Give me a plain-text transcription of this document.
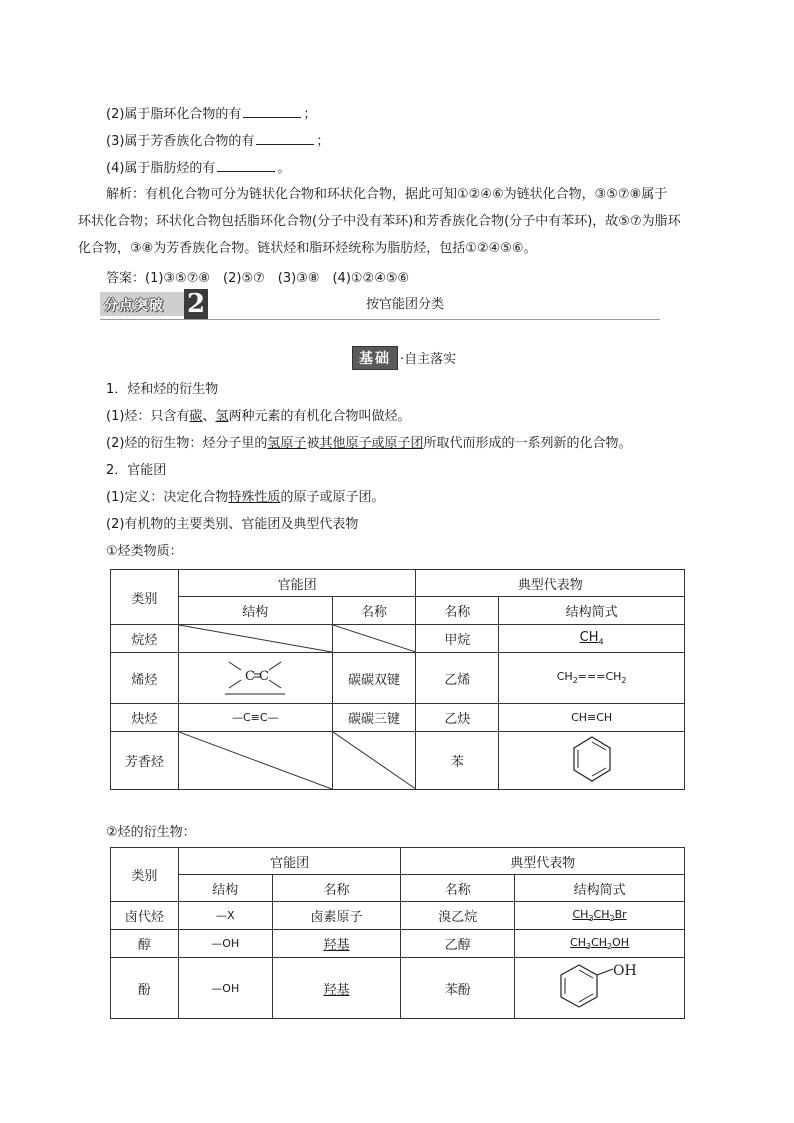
(2)属于脂环化合物的有	；
(3)属于芳香族化合物的有	；
(4)属于脂肪烃的有	。
解析：有机化合物可分为链状化合物和环状化合物，据此可知①②④⑥为链状化合物，③⑤⑦⑧属于
环状化合物；环状化合物包括脂环化合物(分子中没有苯环)和芳香族化合物(分子中有苯环)，故⑤⑦为脂环
化合物，③⑧为芳香族化合物。链状烃和脂环烃统称为脂肪烃，包括①②④⑤⑥。
答案：(1)③⑤⑦⑧　(2)⑤⑦　(3)③⑧　(4)①②④⑤⑥
分点突破 2	按官能团分类
基础 ·自主落实
1．烃和烃的衍生物
(1)烃：只含有碳、氢两种元素的有机化合物叫做烃。
(2)烃的衍生物：烃分子里的氢原子被其他原子或原子团所取代而形成的一系列新的化合物。
2．官能团
(1)定义：决定化合物特殊性质的原子或原子团。
(2)有机物的主要类别、官能团及典型代表物
①烃类物质：
类别	官能团		典型代表物	
	结构	名称	名称	结构简式
烷烃			甲烷	$CH_4$
烯烃	C C	碳碳双键	乙烯	$CH_2===CH_2$
炔烃	—C≡C—	碳碳三键	乙炔	CH≡CH
芳香烃			苯	
②烃的衍生物：
类别	官能团		典型代表物	
	结构	名称	名称	结构简式
卤代烃	—X	卤素原子	溴乙烷	$CH_3CH_2Br$
醇	—OH	羟基	乙醇	$CH_3CH_2OH$
酚	—OH	羟基	苯酚	OH
